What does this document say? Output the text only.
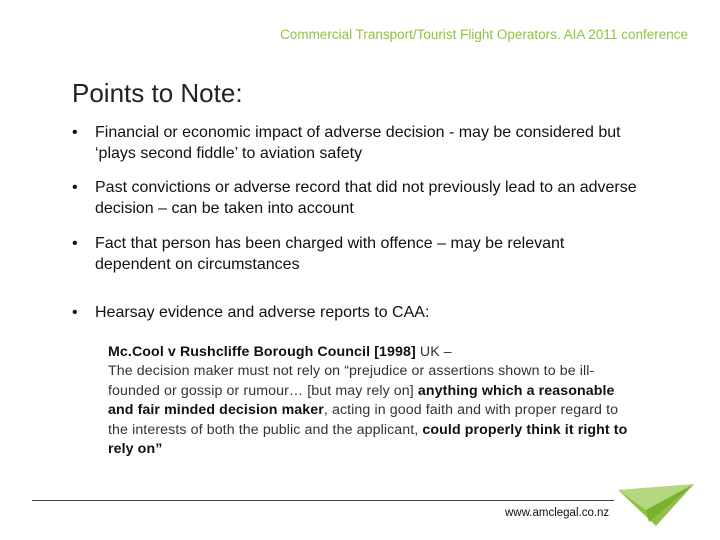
Commercial Transport/Tourist Flight Operators. AIA 2011 conference
Points to Note:
•	Financial or economic impact of adverse decision - may be considered but ‘plays second fiddle’ to aviation safety
•	Past convictions or adverse record that did not previously lead to an adverse decision – can be taken into account
•	Fact that person has been charged with offence – may be relevant dependent on circumstances
•	Hearsay evidence and adverse reports to CAA:
Mc.Cool v Rushcliffe Borough Council [1998] UK –
The decision maker must not rely on “prejudice or assertions shown to be ill-founded or gossip or rumour… [but may rely on] anything which a reasonable and fair minded decision maker, acting in good faith and with proper regard to the interests of both the public and the applicant, could properly think it right to rely on”
www.amclegal.co.nz
